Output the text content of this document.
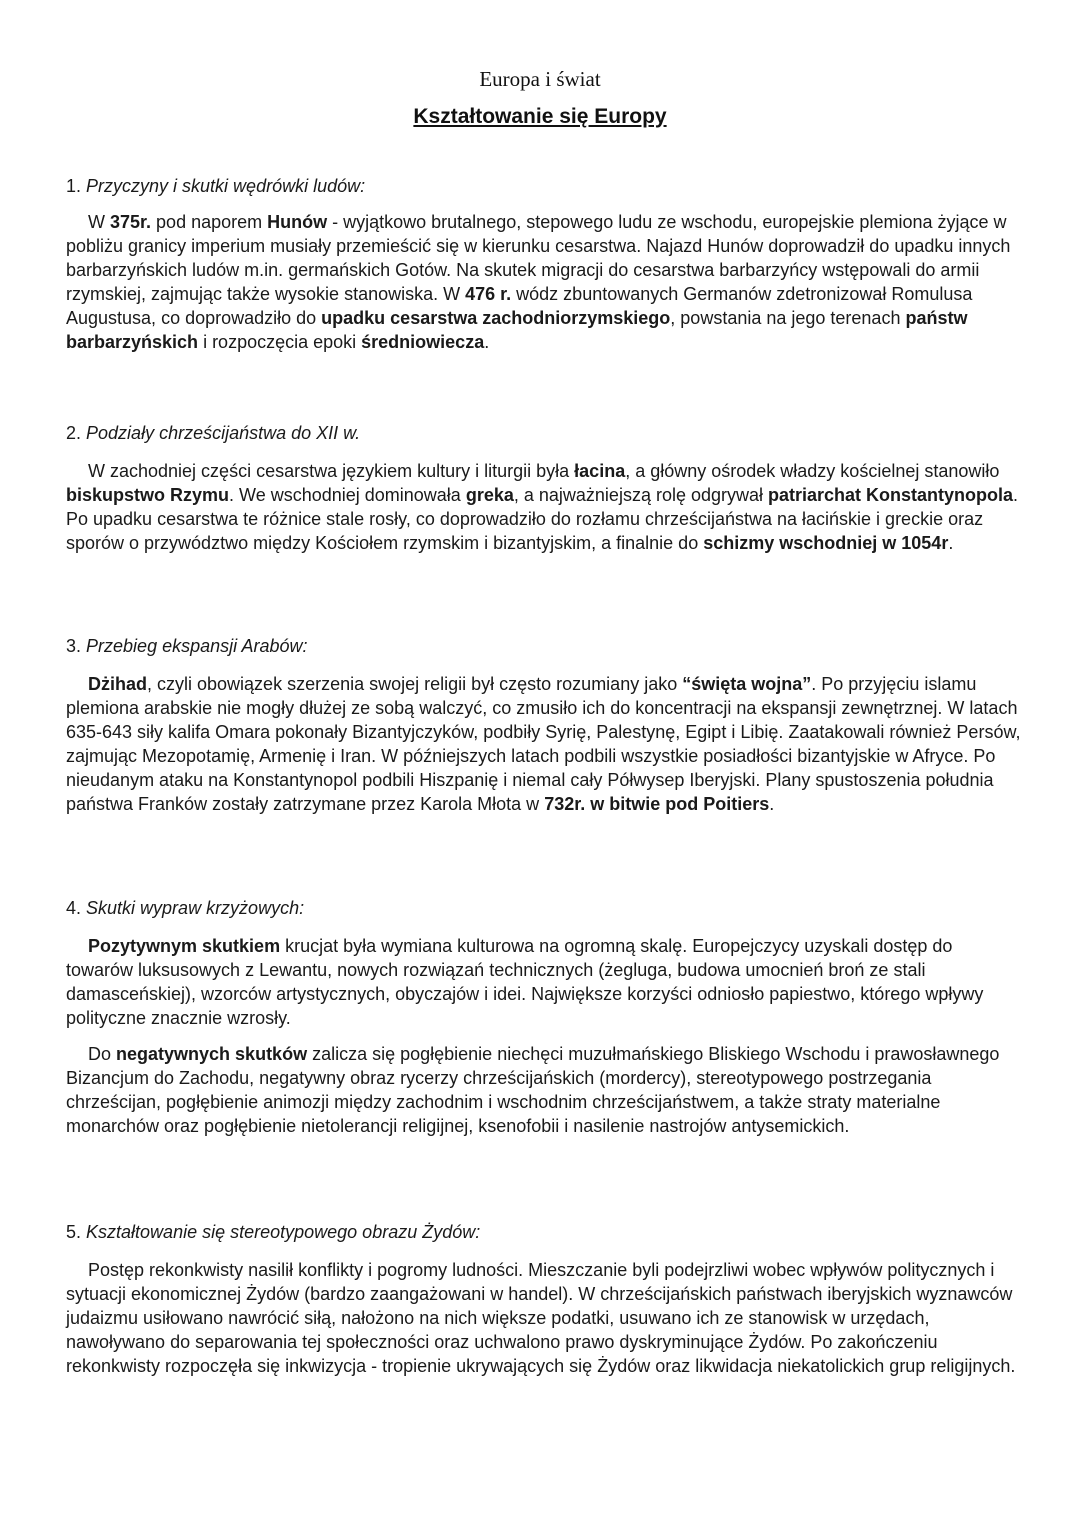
Europa i świat
Kształtowanie się Europy

1. Przyczyny i skutki wędrówki ludów:

W 375r. pod naporem Hunów - wyjątkowo brutalnego, stepowego ludu ze wschodu, europejskie plemiona żyjące w pobliżu granicy imperium musiały przemieścić się w kierunku cesarstwa. Najazd Hunów doprowadził do upadku innych barbarzyńskich ludów m.in. germańskich Gotów. Na skutek migracji do cesarstwa barbarzyńcy wstępowali do armii rzymskiej, zajmując także wysokie stanowiska. W 476 r. wódz zbuntowanych Germanów zdetronizował Romulusa Augustusa, co doprowadziło do upadku cesarstwa zachodniorzymskiego, powstania na jego terenach państw barbarzyńskich i rozpoczęcia epoki średniowiecza.

2. Podziały chrześcijaństwa do XII w.

W zachodniej części cesarstwa językiem kultury i liturgii była łacina, a główny ośrodek władzy kościelnej stanowiło biskupstwo Rzymu. We wschodniej dominowała greka, a najważniejszą rolę odgrywał patriarchat Konstantynopola. Po upadku cesarstwa te różnice stale rosły, co doprowadziło do rozłamu chrześcijaństwa na łacińskie i greckie oraz sporów o przywództwo między Kościołem rzymskim i bizantyjskim, a finalnie do schizmy wschodniej w 1054r.

3. Przebieg ekspansji Arabów:

Dżihad, czyli obowiązek szerzenia swojej religii był często rozumiany jako “święta wojna”. Po przyjęciu islamu plemiona arabskie nie mogły dłużej ze sobą walczyć, co zmusiło ich do koncentracji na ekspansji zewnętrznej. W latach 635-643 siły kalifa Omara pokonały Bizantyjczyków, podbiły Syrię, Palestynę, Egipt i Libię. Zaatakowali również Persów, zajmując Mezopotamię, Armenię i Iran. W późniejszych latach podbili wszystkie posiadłości bizantyjskie w Afryce. Po nieudanym ataku na Konstantynopol podbili Hiszpanię i niemal cały Półwysep Iberyjski. Plany spustoszenia południa państwa Franków zostały zatrzymane przez Karola Młota w 732r. w bitwie pod Poitiers.

4. Skutki wypraw krzyżowych:

Pozytywnym skutkiem krucjat była wymiana kulturowa na ogromną skalę. Europejczycy uzyskali dostęp do towarów luksusowych z Lewantu, nowych rozwiązań technicznych (żegluga, budowa umocnień broń ze stali damasceńskiej), wzorców artystycznych, obyczajów i idei. Największe korzyści odniosło papiestwo, którego wpływy polityczne znacznie wzrosły.

Do negatywnych skutków zalicza się pogłębienie niechęci muzułmańskiego Bliskiego Wschodu i prawosławnego Bizancjum do Zachodu, negatywny obraz rycerzy chrześcijańskich (mordercy), stereotypowego postrzegania chrześcijan, pogłębienie animozji między zachodnim i wschodnim chrześcijaństwem, a także straty materialne monarchów oraz pogłębienie nietolerancji religijnej, ksenofobii i nasilenie nastrojów antysemickich.

5. Kształtowanie się stereotypowego obrazu Żydów:

Postęp rekonkwisty nasilił konflikty i pogromy ludności. Mieszczanie byli podejrzliwi wobec wpływów politycznych i sytuacji ekonomicznej Żydów (bardzo zaangażowani w handel). W chrześcijańskich państwach iberyjskich wyznawców judaizmu usiłowano nawrócić siłą, nałożono na nich większe podatki, usuwano ich ze stanowisk w urzędach, nawoływano do separowania tej społeczności oraz uchwalono prawo dyskryminujące Żydów. Po zakończeniu rekonkwisty rozpoczęła się inkwizycja - tropienie ukrywających się Żydów oraz likwidacja niekatolickich grup religijnych.
